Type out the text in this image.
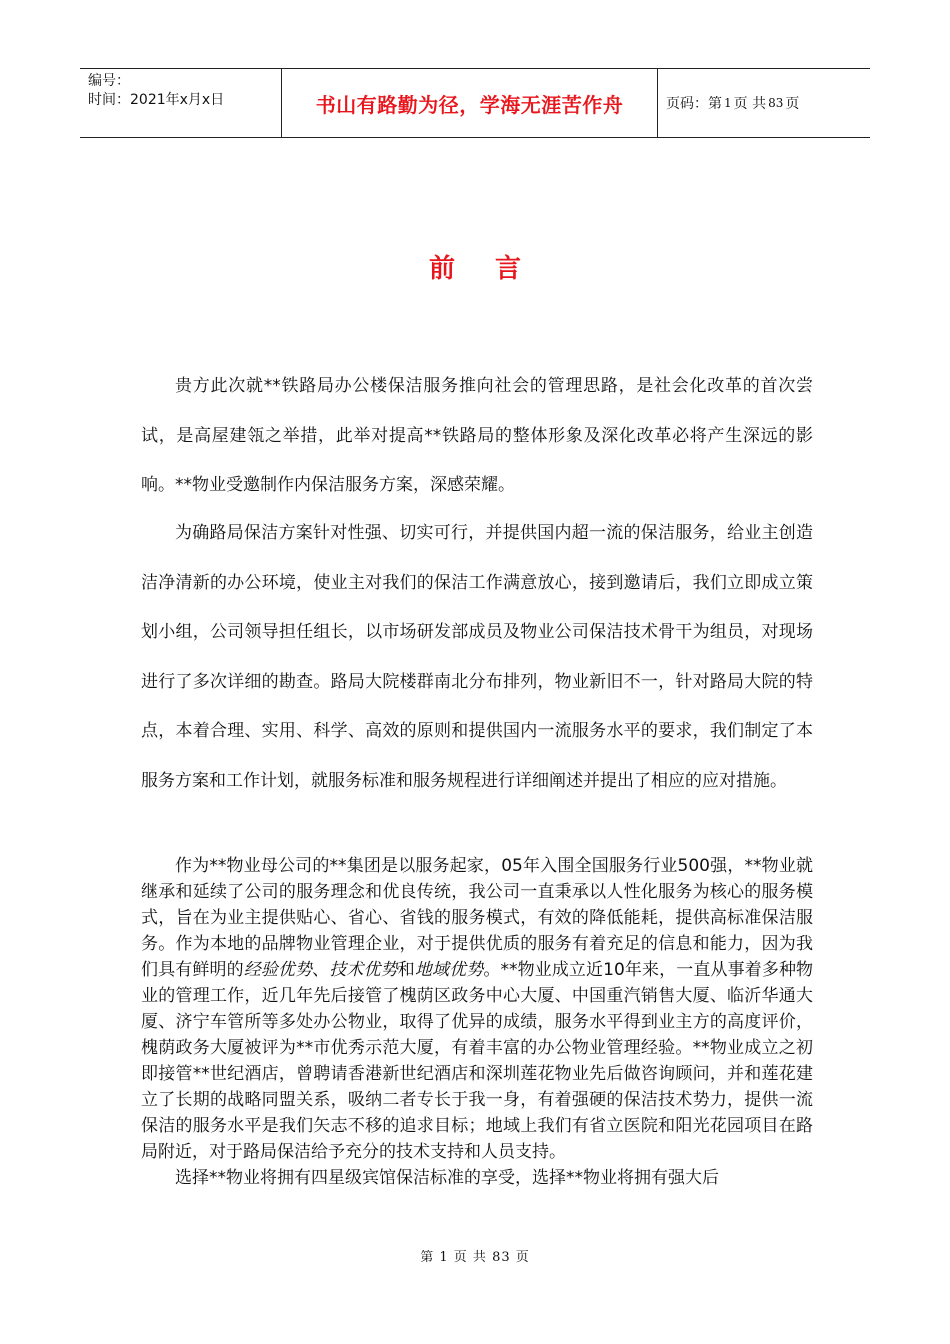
编号：
时间：2021年x月x日	书山有路勤为径，学海无涯苦作舟	页码：第 1 页 共 83 页
前言

贵方此次就**铁路局办公楼保洁服务推向社会的管理思路，是社会化改革的首次尝试，是高屋建瓴之举措，此举对提高**铁路局的整体形象及深化改革必将产生深远的影响。**物业受邀制作内保洁服务方案，深感荣耀。

为确路局保洁方案针对性强、切实可行，并提供国内超一流的保洁服务，给业主创造洁净清新的办公环境，使业主对我们的保洁工作满意放心，接到邀请后，我们立即成立策划小组，公司领导担任组长，以市场研发部成员及物业公司保洁技术骨干为组员，对现场进行了多次详细的勘查。路局大院楼群南北分布排列，物业新旧不一，针对路局大院的特点，本着合理、实用、科学、高效的原则和提供国内一流服务水平的要求，我们制定了本服务方案和工作计划，就服务标准和服务规程进行详细阐述并提出了相应的应对措施。

作为**物业母公司的**集团是以服务起家，05年入围全国服务行业500强，**物业就继承和延续了公司的服务理念和优良传统，我公司一直秉承以人性化服务为核心的服务模式，旨在为业主提供贴心、省心、省钱的服务模式，有效的降低能耗，提供高标准保洁服务。作为本地的品牌物业管理企业，对于提供优质的服务有着充足的信息和能力，因为我们具有鲜明的经验优势、技术优势和地域优势。**物业成立近10年来，一直从事着多种物业的管理工作，近几年先后接管了槐荫区政务中心大厦、中国重汽销售大厦、临沂华通大厦、济宁车管所等多处办公物业，取得了优异的成绩，服务水平得到业主方的高度评价，槐荫政务大厦被评为**市优秀示范大厦，有着丰富的办公物业管理经验。**物业成立之初即接管**世纪酒店，曾聘请香港新世纪酒店和深圳莲花物业先后做咨询顾问，并和莲花建立了长期的战略同盟关系，吸纳二者专长于我一身，有着强硬的保洁技术势力，提供一流保洁的服务水平是我们矢志不移的追求目标；地域上我们有省立医院和阳光花园项目在路局附近，对于路局保洁给予充分的技术支持和人员支持。

选择**物业将拥有四星级宾馆保洁标准的享受，选择**物业将拥有强大后

第 1 页 共 83 页
